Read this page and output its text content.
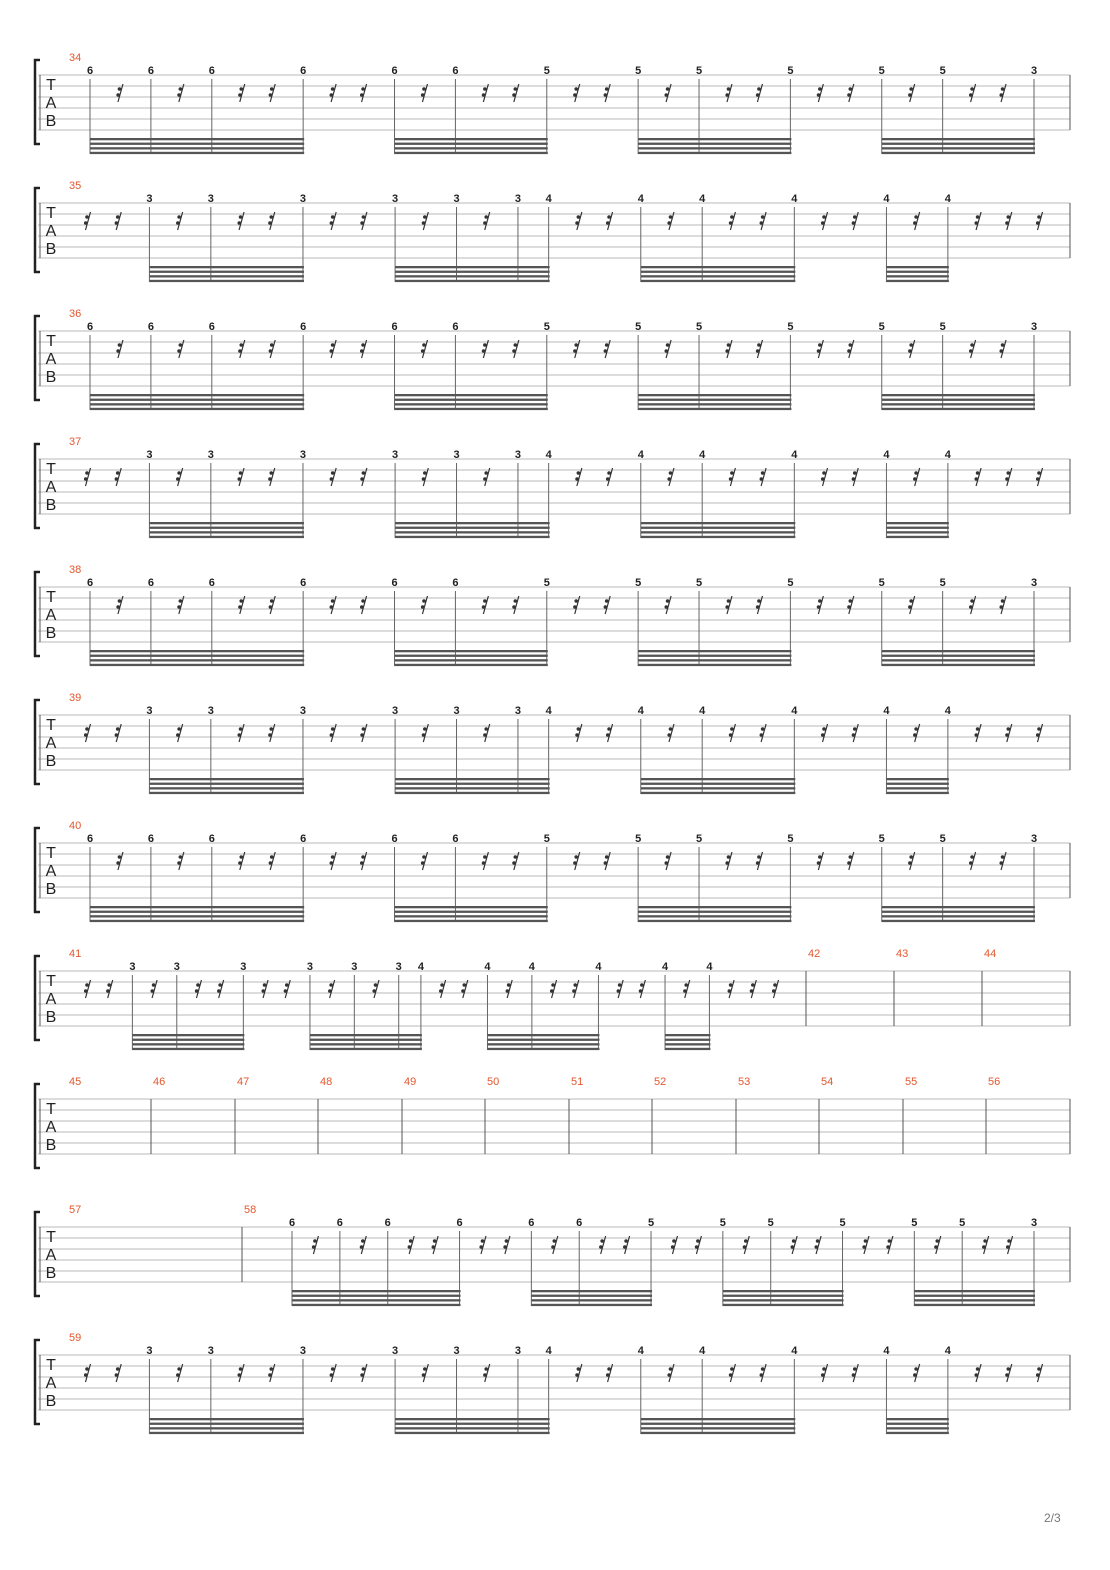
T
A
B
34
6	6	6	6	6	6	5	5	5	5	5	5	3
T
A
B
35
3	3	3	3	3	3 4	4	4	4	4	4
T
A
B
36
6	6	6	6	6	6	5	5	5	5	5	5	3
T
A
B
37
3	3	3	3	3	3 4	4	4	4	4	4
T
A
B
38
6	6	6	6	6	6	5	5	5	5	5	5	3
T
A
B
39
3	3	3	3	3	3 4	4	4	4	4	4
T
A
B
40
6	6	6	6	6	6	5	5	5	5	5	5	3
T
A
B
41
3	3	3	3	3	3 4	4	4	4	4	4
42	43	44
T
A
B
45	46	47	48	49	50	51	52	53	54	55	56
T
A
B
57	58
6	6	6	6	6	6	5	5	5	5	5	5	3
T
A
B
59
3	3	3	3	3	3 4	4	4	4	4	4
2/3
